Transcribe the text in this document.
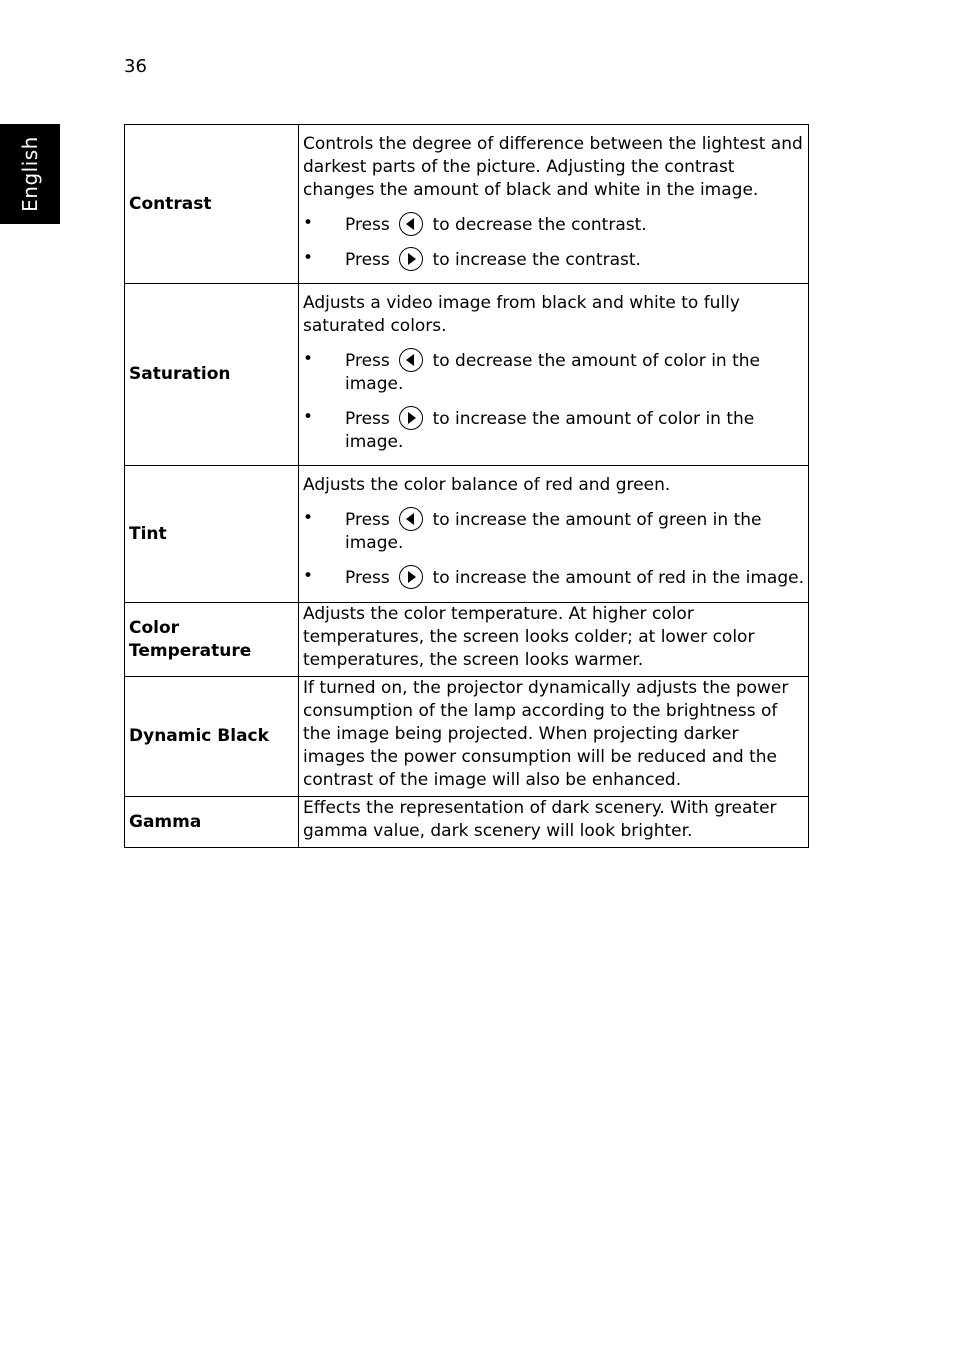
36
English	Contrast	Controls the degree of difference between the lightest and darkest parts of the picture. Adjusting the contrast changes the amount of black and white in the image.

• Press to decrease the contrast.
• Press to increase the contrast.

Saturation	Adjusts a video image from black and white to fully saturated colors.

• Press to decrease the amount of color in the image.
• Press to increase the amount of color in the image.

Tint	Adjusts the color balance of red and green.

• Press to increase the amount of green in the image.
• Press to increase the amount of red in the image.

Color Temperature	Adjusts the color temperature. At higher color temperatures, the screen looks colder; at lower color temperatures, the screen looks warmer.

Dynamic Black	If turned on, the projector dynamically adjusts the power consumption of the lamp according to the brightness of the image being projected. When projecting darker images the power consumption will be reduced and the contrast of the image will also be enhanced.

Gamma	Effects the representation of dark scenery. With greater gamma value, dark scenery will look brighter.
